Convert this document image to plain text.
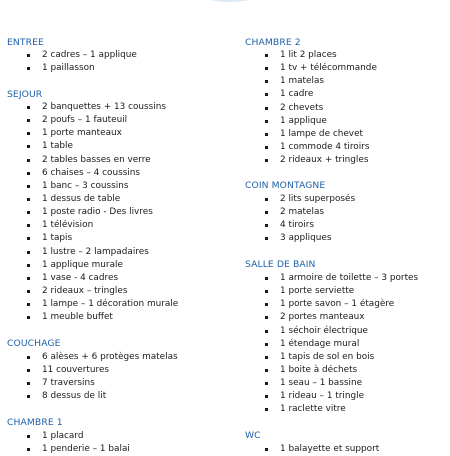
ENTREE
2 cadres – 1 applique
1 paillasson
SEJOUR
2 banquettes + 13 coussins
2 poufs – 1 fauteuil
1 porte manteaux
1 table
2 tables basses en verre
6 chaises – 4 coussins
1 banc – 3 coussins
1 dessus de table
1 poste radio - Des livres
1 télévision
1 tapis
1 lustre – 2 lampadaires
1 applique murale
1 vase - 4 cadres
2 rideaux – tringles
1 lampe – 1 décoration murale
1 meuble buffet
COUCHAGE
6 alèses + 6 protèges matelas
11 couvertures
7 traversins
8 dessus de lit
CHAMBRE 1
1 placard
1 penderie – 1 balai
CHAMBRE 2
1 lit 2 places
1 tv + télécommande
1 matelas
1 cadre
2 chevets
1 applique
1 lampe de chevet
1 commode 4 tiroirs
2 rideaux + tringles
COIN MONTAGNE
2 lits superposés
2 matelas
4 tiroirs
3 appliques
SALLE DE BAIN
1 armoire de toilette – 3 portes
1 porte serviette
1 porte savon – 1 étagère
2 portes manteaux
1 séchoir électrique
1 étendage mural
1 tapis de sol en bois
1 boite à déchets
1 seau – 1 bassine
1 rideau – 1 tringle
1 raclette vitre
WC
1 balayette et support
